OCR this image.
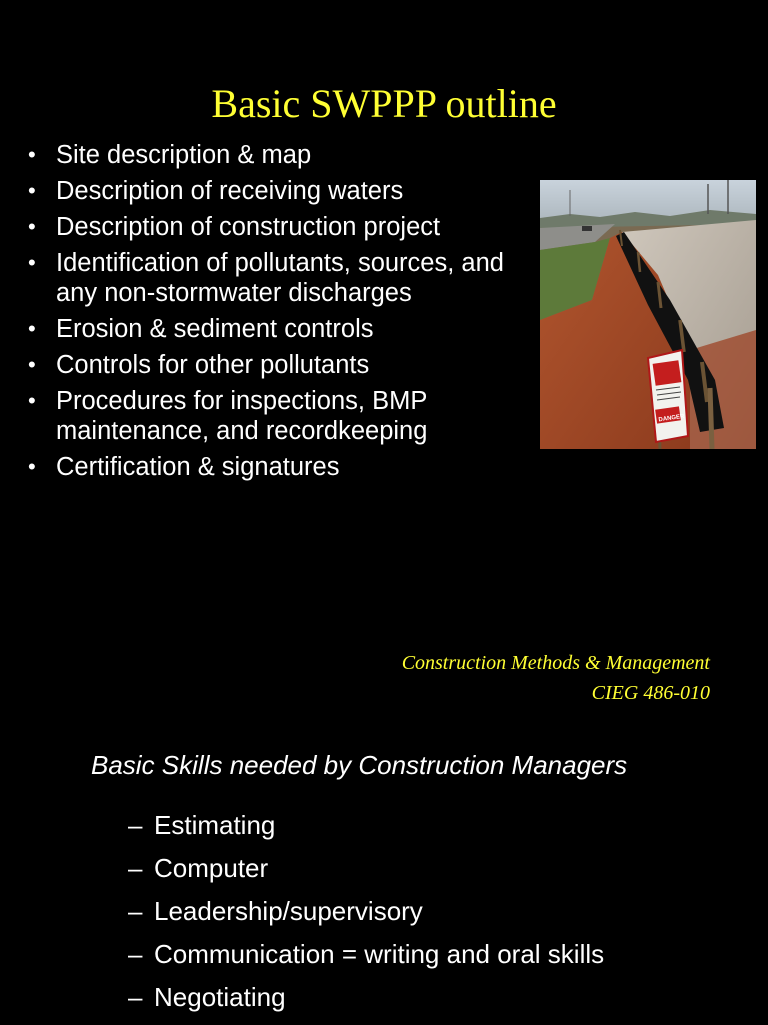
Basic SWPPP outline
• Site description & map
• Description of receiving waters
• Description of construction project
• Identification of pollutants, sources, and any non-stormwater discharges
• Erosion & sediment controls
• Controls for other pollutants
• Procedures for inspections, BMP maintenance, and recordkeeping
• Certification & signatures
DANGER
Construction Methods & Management
CIEG 486-010
Basic Skills needed by Construction Managers
– Estimating
– Computer
– Leadership/supervisory
– Communication = writing and oral skills
– Negotiating
